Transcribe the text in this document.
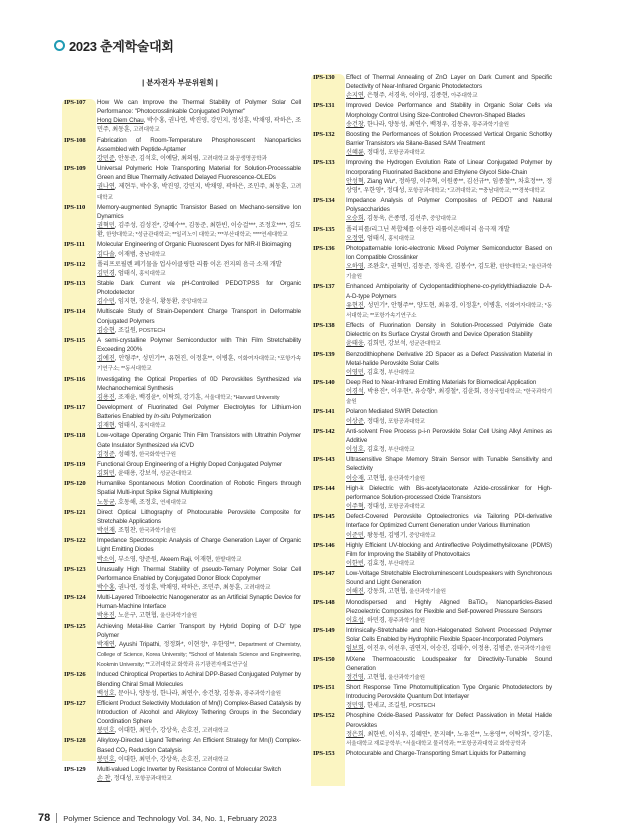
2023 춘계학술대회
| 분자전자 부문위원회 |
IPS-107	How We can Improve the Thermal Stability of Polymer Solar Cell Performance: "Photocrosslinkable Conjugated Polymer"
Hong Diem Chau, 박수홍, 권나연, 박진영, 강민지, 정성훈, 박채영, 곽하은, 조민주, 최동훈, 고려대학교
IPS-108	Fabrication of Room-Temperature Phosphorescent Nanoparticles Assembled with Peptide-Aptamer
강민준, 안동준, 김석호, 이예담, 최의림, 고려대학교 화공생명공학과
IPS-109	Universal Polymeric Hole Transporting Material for Solution-Processable Green and Blue Thermally Activated Delayed Fluorescence-OLEDs
권나연, 제현두, 박수홍, 박진영, 강민지, 박채영, 곽하은, 조민주, 최동훈, 고려대학교
IPS-110	Memory-augmented Synaptic Transistor Based on Mechano-sensitive Ion Dynamics
권혁민, 김주성, 김성진*, 강혜수**, 김동준, 최한빈, 이승걸***, 조정호****, 김도환, 한양대학교; *성균관대학교; **일리노이 대학교; ***부산대학교; ****연세대학교
IPS-111	Molecular Engineering of Organic Fluorescent Dyes for NIR-II Bioimaging
김다솔, 이재범, 충남대학교
IPS-112	폴리프로필렌 폐기물을 업사이클링한 리튬 이온 전지의 음극 소재 개발
김민경, 엄태식, 홍익대학교
IPS-113	Stable Dark Current via pH-Controlled PEDOT:PSS for Organic Photodetector
김수민, 임지현, 장윤식, 황동환, 중앙대학교
IPS-114	Multiscale Study of Strain-Dependent Charge Transport in Deformable Conjugated Polymers
김승현, 조길원, POSTECH
IPS-115	A semi-crystalline Polymer Semiconductor with Thin Film Stretchability Exceeding 200%
김예진, 안형주*, 성민기**, 유현진, 이정훈**, 이병훈, 이화여자대학교; *포항가속기연구소; **동서대학교
IPS-116	Investigating the Optical Properties of 0D Perovskites Synthesized via Mechanochemical Synthesis
김용진, 조재윤, 백경윤*, 이탁희, 강기훈, 서울대학교; *Harvard University
IPS-117	Development of Fluorinated Gel Polymer Electrolytes for Lithium-ion Batteries Enabled by In-situ Polymerization
김재현, 엄태식, 홍익대학교
IPS-118	Low-voltage Operating Organic Thin Film Transistors with Ultrathin Polymer Gate Insulator Synthesized via iCVD
김정준, 성혜정, 한국화학연구원
IPS-119	Functional Group Engineering of a Highly Doped Conjugated Polymer
김회민, 윤태용, 강보석, 성균관대학교
IPS-120	Humanlike Spontaneous Motion Coordination of Robotic Fingers through Spatial Multi-input Spike Signal Multiplexing
노동균, 호동해, 조정호, 연세대학교
IPS-121	Direct Optical Lithography of Photocurable Perovskite Composite for Stretchable Applications
박선재, 조힘찬, 한국과학기술원
IPS-122	Impedance Spectroscopic Analysis of Charge Generation Layer of Organic Light Emitting Diodes
박소이, 부소영, 양준원, Akeem Raji, 이재현, 한밭대학교
IPS-123	Unusually High Thermal Stability of pseudo-Ternary Polymer Solar Cell Performance Enabled by Conjugated Donor Block Copolymer
박수홍, 권나연, 정성훈, 박채영, 곽하은, 조민주, 최동훈, 고려대학교
IPS-124	Multi-Layered Triboelectric Nanogenerator as an Artificial Synaptic Device for Human-Machine Interface
박용진, 노운구, 고현협, 울산과학기술원
IPS-125	Achieving Metal-like Carrier Transport by Hybrid Doping of D-D' type Polymer
박재연, Ayushi Tripathi, 정정화*, 이현정*, 우한영**, Department of Chemistry, College of Science, Korea University; *School of Materials Science and Engineering, Kookmin University; **고려대학교 화학과 유기광전자재료연구실
IPS-126	Induced Chiroptical Properties to Achiral DPP-Based Conjugated Polymer by Blending Chiral Small Molecules
백성호, 문아나, 양동성, 한나라, 최연수, 송건창, 김동유, 광주과학기술원
IPS-127	Efficient Product Selectivity Modulation of Mn(I) Complex-Based Catalysis by Introduction of Alcohol and Alkyloxy Tethering Groups in the Secondary Coordination Sphere
봉민호, 이대한, 최민수, 강상욱, 손호진, 고려대학교
IPS-128	Alkyloxy-Directed Ligand Tethering: An Efficient Strategy for Mn(I) Complex-Based CO₂ Reduction Catalysis
봉민호, 이대한, 최민수, 강상욱, 손호진, 고려대학교
IPS-129	Multi-valued Logic Inverter by Resistance Control of Molecular Switch
손 찬, 정대성, 포항공과대학교
IPS-130	Effect of Thermal Annealing of ZnO Layer on Dark Current and Specific Detectivity of Near-Infrared Organic Photodetectors
손지연, 은형주, 서경욱, 이아영, 김종현, 아주대학교
IPS-131	Improved Device Performance and Stability in Organic Solar Cells via Morphology Control Using Size-Controlled Chevron-Shaped Blades
송건창, 한나라, 양동성, 최연수, 백청우, 김동유, 광주과학기술원
IPS-132	Boosting the Performances of Solution Processed Vertical Organic Schottky Barrier Transistors via Silane-Based SAM Treatment
신혜륜, 정대성, 포항공과대학교
IPS-133	Improving the Hydrogen Evolution Rate of Linear Conjugated Polymer by Incorporating Fluorinated Backbone and Ethylene Glycol Side-Chain
안성혁, Ziang Wu*, 정하영, 이주혁, 이원종**, 김선규**, 임종철**, 차효정***, 정상영*, 우한영*, 정대성, 포항공과대학교; *고려대학교; **충남대학교; ***경북대학교
IPS-134	Impedance Analysis of Polymer Composites of PEDOT and Natural Polysaccharides
오승희, 김동욱, 은종명, 김선주, 중앙대학교
IPS-135	폴리피롤/리그닌 복합체를 이용한 리튬이온배터리 음극재 개발
오정연, 엄태식, 홍익대학교
IPS-136	Photopatternable Ionic-electronic Mixed Polymer Semiconductor Based on Ion Compatible Crosslinker
오하영, 조완호*, 권혁민, 김동준, 정욱진, 김봉수*, 김도환, 한양대학교; *울산과학기술원
IPS-137	Enhanced Ambipolarity of Cyclopentadithiophene-co-pyridylthiadiazole D-A-A-D-type Polymers
유현진, 성민기*, 안형주**, 양도현, 최유경, 이정훈*, 이병훈, 이화여자대학교; *동서대학교; **포항가속기연구소
IPS-138	Effects of Fluorination Density in Solution-Processed Polyimide Gate Dielectric on Its Surface Crystal Growth and Device Operation Stability
윤태웅, 김희민, 강보석, 성균관대학교
IPS-139	Benzodithiophene Derivative 2D Spacer as a Defect Passivation Material in Metal-halide Perovskite Solar Cells
이영민, 김효정, 부산대학교
IPS-140	Deep Red to Near-Infrared Emitting Materials for Biomedical Application
이경석, 박용진*, 이우현*, 유승형*, 최경철*, 김윤회, 경상국립대학교; *한국과학기술원
IPS-141	Polaron Mediated SWIR Detection
이상준, 정대성, 포항공과대학교
IPS-142	Anti-solvent Free Process p-i-n Perovskite Solar Cell Using Alkyl Amines as Additive
이성호, 김효정, 부산대학교
IPS-143	Ultrasensitive Shape Memory Strain Sensor with Tunable Sensitivity and Selectivity
이승재, 고현협, 울산과학기술원
IPS-144	High-k Dielectric with Bis-acetylacetonate Azide-crosslinker for High-performance Solution-processed Oxide Transistors
이주혁, 정대성, 포항공과대학교
IPS-145	Defect-Covered Perovskite Optoelectronics via Tailoring PDI-derivative Interface for Optimized Current Generation under Various Illumination
이준민, 왕동원, 김병기, 중앙대학교
IPS-146	Highly Efficient UV-blocking and Antireflective Polydimethylsiloxane (PDMS) Film for Improving the Stability of Photovoltaics
이한빈, 김효정, 부산대학교
IPS-147	Low-Voltage Stretchable Electroluminescent Loudspeakers with Synchronous Sound and Light Generation
이해진, 강동희, 고현협, 울산과학기술원
IPS-148	Monodispersed and Highly Aligned BaTiO₃ Nanoparticles-Based Piezoelectric Composites for Flexible and Self-powered Pressure Sensors
이효섭, 하민경, 광주과학기술원
IPS-149	Intrinsically-Stretchable and Non-Halogenated Solvent Processed Polymer Solar Cells Enabled by Hydrophilic Flexible Spacer-Incorporated Polymers
임보희, 이진우, 이선우, 권연지, 이승진, 김태수, 이정용, 김범준, 한국과학기술원
IPS-150	MXene Thermoacoustic Loudspeaker for Directivity-Tunable Sound Generation
정건영, 고현협, 울산과학기술원
IPS-151	Short Response Time Photomultiplication Type Organic Photodetectors by Introducing Perovskite Quantum Dot Interlayer
정민영, 한세교, 조길원, POSTECH
IPS-152	Phosphine Oxide-Based Passivator for Defect Passivation in Metal Halide Perovskites
정은희, 최한빈, 이석우, 김혜연*, 문지혜*, 노유진**, 노용영**, 이탁희*, 강기훈, 서울대학교 재료공학부; *서울대학교 물리학과; **포항공과대학교 화학공학과
IPS-153	Photocurable and Charge-Transporting Smart Liquids for Patterning
78 Polymer Science and Technology Vol. 34, No. 1, February 2023
